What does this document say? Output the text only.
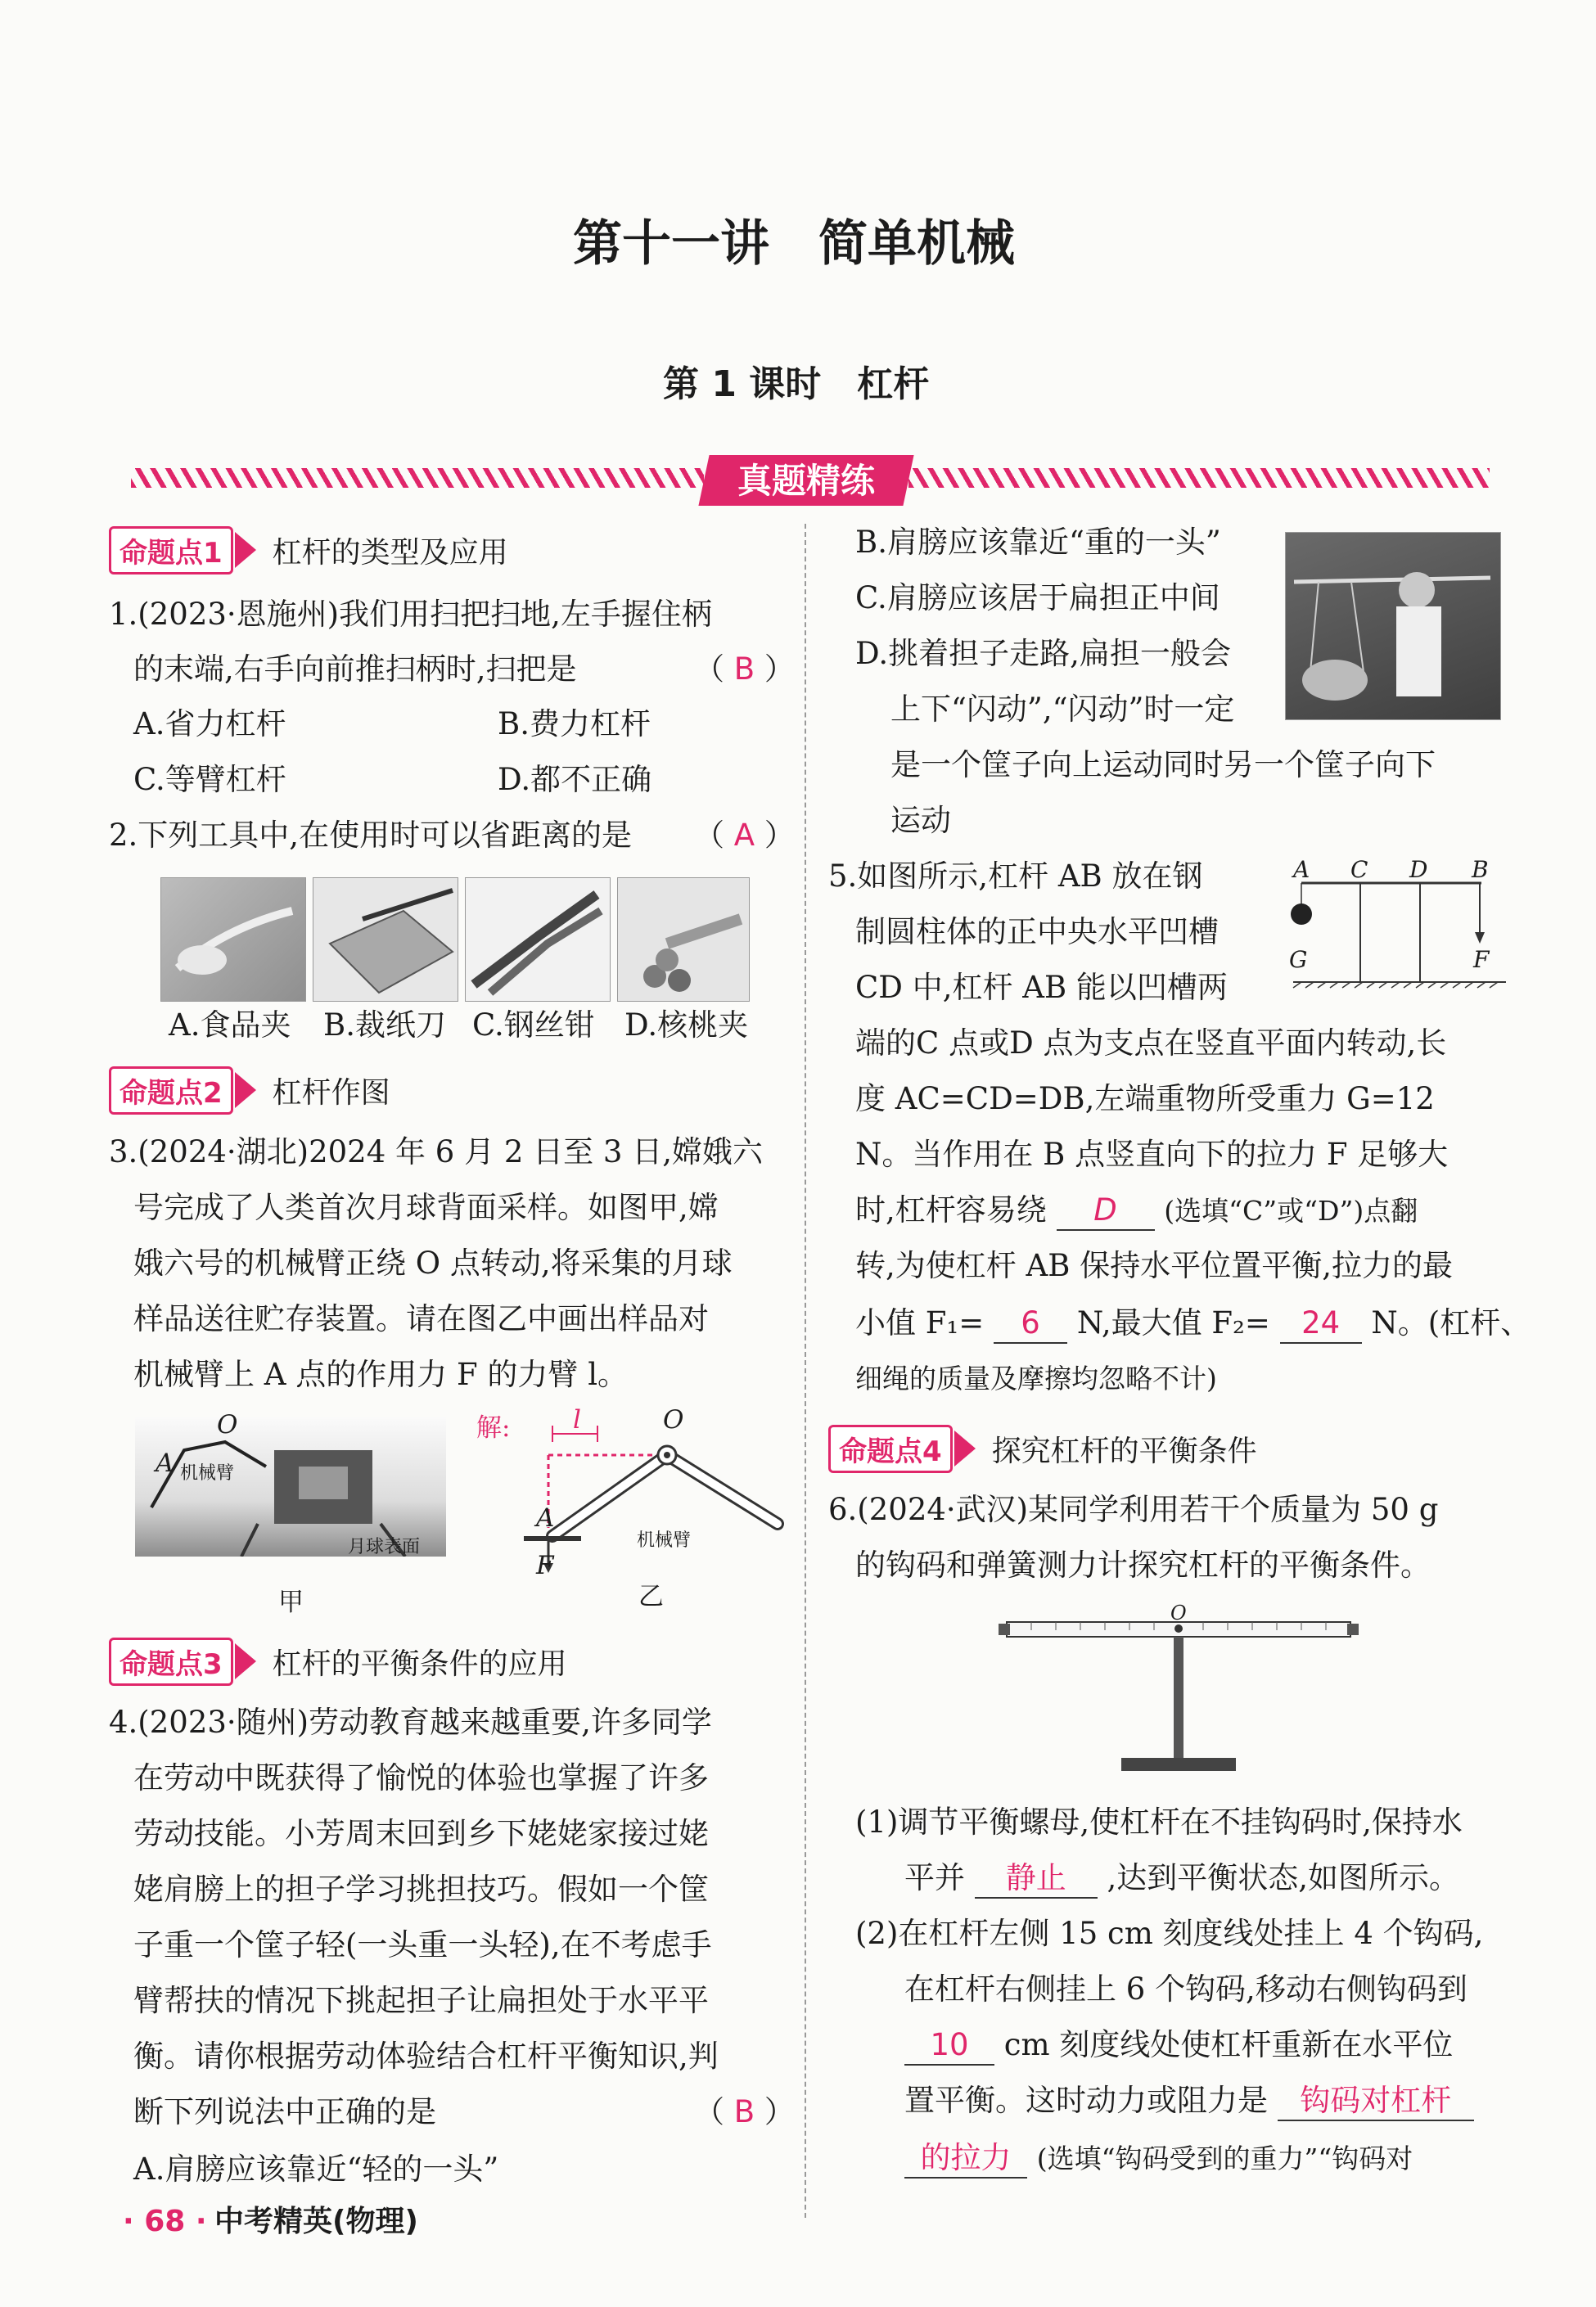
第十一讲　简单机械
第 1 课时　杠杆
真题精练
命题点1	杠杆的类型及应用
1.(2023·恩施州)我们用扫把扫地,左手握住柄
的末端,右手向前推扫柄时,扫把是	（ B ）
A.省力杠杆	B.费力杠杆
C.等臂杠杆	D.都不正确
2.下列工具中,在使用时可以省距离的是 （ A ）
A.食品夹 B.裁纸刀 C.钢丝钳 D.核桃夹
命题点2	杠杆作图
3.(2024·湖北)2024 年 6 月 2 日至 3 日,嫦娥六
号完成了人类首次月球背面采样。如图甲,嫦
娥六号的机械臂正绕 O 点转动,将采集的月球
样品送往贮存装置。请在图乙中画出样品对
机械臂上 A 点的作用力 F 的力臂 l。
O
A 机械臂
月球表面
甲
解: l	O
A
F
机械臂
乙
命题点3	杠杆的平衡条件的应用
4.(2023·随州)劳动教育越来越重要,许多同学
在劳动中既获得了愉悦的体验也掌握了许多
劳动技能。小芳周末回到乡下姥姥家接过姥
姥肩膀上的担子学习挑担技巧。假如一个筐
子重一个筐子轻(一头重一头轻),在不考虑手
臂帮扶的情况下挑起担子让扁担处于水平平
衡。请你根据劳动体验结合杠杆平衡知识,判
断下列说法中正确的是	（ B ）
A.肩膀应该靠近“轻的一头”
· 68 · 中考精英(物理)
B.肩膀应该靠近“重的一头”
C.肩膀应该居于扁担正中间
D.挑着担子走路,扁担一般会
上下“闪动”,“闪动”时一定
是一个筐子向上运动同时另一个筐子向下
运动
5.如图所示,杠杆 AB 放在钢
制圆柱体的正中央水平凹槽
CD 中,杠杆 AB 能以凹槽两
端的C 点或D 点为支点在竖直平面内转动,长
度 AC=CD=DB,左端重物所受重力 G=12
N。当作用在 B 点竖直向下的拉力 F 足够大
时,杠杆容易绕 D (选填“C”或“D”)点翻
转,为使杠杆 AB 保持水平位置平衡,拉力的最
小值 F₁= 6 N,最大值 F₂= 24 N。(杠杆、
细绳的质量及摩擦均忽略不计)
A C D B
G	F
命题点4	探究杠杆的平衡条件
6.(2024·武汉)某同学利用若干个质量为 50 g
的钩码和弹簧测力计探究杠杆的平衡条件。
O
(1)调节平衡螺母,使杠杆在不挂钩码时,保持水
平并 静止 ,达到平衡状态,如图所示。
(2)在杠杆左侧 15 cm 刻度线处挂上 4 个钩码,
在杠杆右侧挂上 6 个钩码,移动右侧钩码到
10 cm 刻度线处使杠杆重新在水平位
置平衡。这时动力或阻力是 钩码对杠杆
的拉力 (选填“钩码受到的重力”“钩码对
